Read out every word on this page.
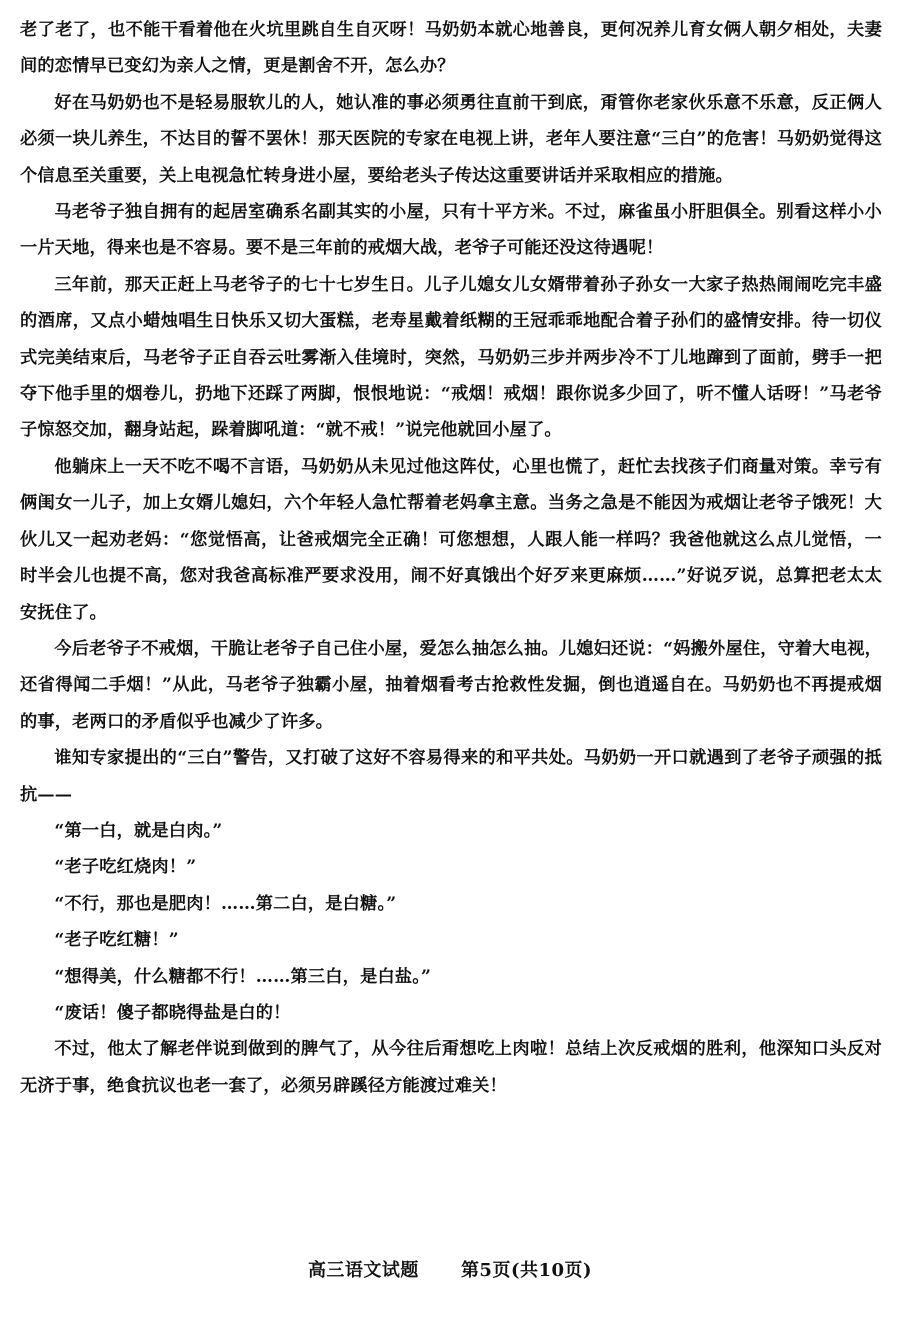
老了老了，也不能干看着他在火坑里跳自生自灭呀！马奶奶本就心地善良，更何况养儿育女俩人朝夕相处，夫妻间的恋情早已变幻为亲人之情，更是割舍不开，怎么办？

好在马奶奶也不是轻易服软儿的人，她认准的事必须勇往直前干到底，甭管你老家伙乐意不乐意，反正俩人必须一块儿养生，不达目的誓不罢休！那天医院的专家在电视上讲，老年人要注意“三白”的危害！马奶奶觉得这个信息至关重要，关上电视急忙转身进小屋，要给老头子传达这重要讲话并采取相应的措施。

马老爷子独自拥有的起居室确系名副其实的小屋，只有十平方米。不过，麻雀虽小肝胆俱全。别看这样小小一片天地，得来也是不容易。要不是三年前的戒烟大战，老爷子可能还没这待遇呢！

三年前，那天正赶上马老爷子的七十七岁生日。儿子儿媳女儿女婿带着孙子孙女一大家子热热闹闹吃完丰盛的酒席，又点小蜡烛唱生日快乐又切大蛋糕，老寿星戴着纸糊的王冠乖乖地配合着子孙们的盛情安排。待一切仪式完美结束后，马老爷子正自吞云吐雾渐入佳境时，突然，马奶奶三步并两步冷不丁儿地蹿到了面前，劈手一把夺下他手里的烟卷儿，扔地下还踩了两脚，恨恨地说：“戒烟！戒烟！跟你说多少回了，听不懂人话呀！”马老爷子惊怒交加，翻身站起，跺着脚吼道：“就不戒！”说完他就回小屋了。

他躺床上一天不吃不喝不言语，马奶奶从未见过他这阵仗，心里也慌了，赶忙去找孩子们商量对策。幸亏有俩闺女一儿子，加上女婿儿媳妇，六个年轻人急忙帮着老妈拿主意。当务之急是不能因为戒烟让老爷子饿死！大伙儿又一起劝老妈：“您觉悟高，让爸戒烟完全正确！可您想想，人跟人能一样吗？我爸他就这么点儿觉悟，一时半会儿也提不高，您对我爸高标准严要求没用，闹不好真饿出个好歹来更麻烦……”好说歹说，总算把老太太安抚住了。

今后老爷子不戒烟，干脆让老爷子自己住小屋，爱怎么抽怎么抽。儿媳妇还说：“妈搬外屋住，守着大电视，还省得闻二手烟！”从此，马老爷子独霸小屋，抽着烟看考古抢救性发掘，倒也逍遥自在。马奶奶也不再提戒烟的事，老两口的矛盾似乎也减少了许多。

谁知专家提出的“三白”警告，又打破了这好不容易得来的和平共处。马奶奶一开口就遇到了老爷子顽强的抵抗——

“第一白，就是白肉。”

“老子吃红烧肉！”

“不行，那也是肥肉！……第二白，是白糖。”

“老子吃红糖！”

“想得美，什么糖都不行！……第三白，是白盐。”

“废话！傻子都晓得盐是白的！

不过，他太了解老伴说到做到的脾气了，从今往后甭想吃上肉啦！总结上次反戒烟的胜利，他深知口头反对无济于事，绝食抗议也老一套了，必须另辟蹊径方能渡过难关！

高三语文试题 第5页(共10页)
